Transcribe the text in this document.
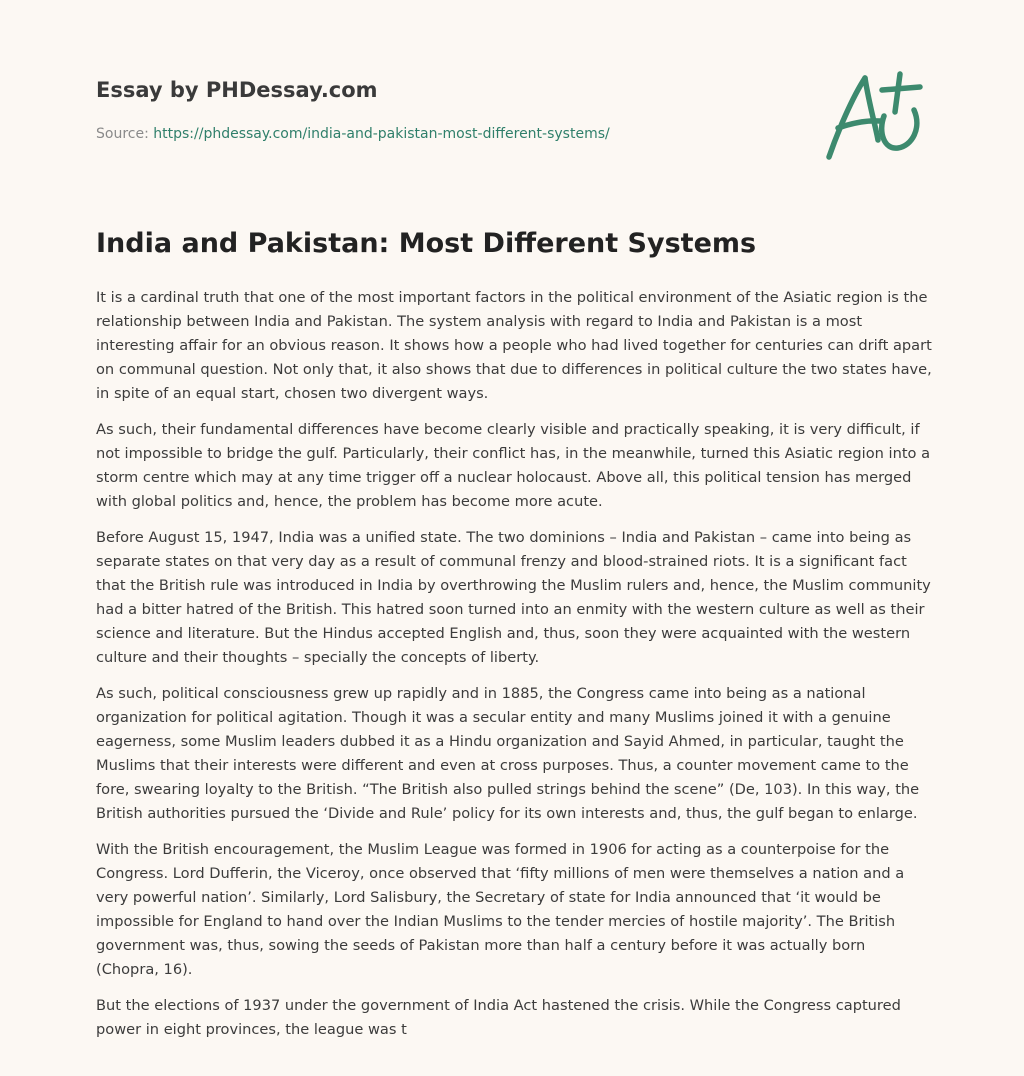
Essay by PHDessay.com
Source: https://phdessay.com/india-and-pakistan-most-different-systems/
India and Pakistan: Most Different Systems

It is a cardinal truth that one of the most important factors in the political environment of the Asiatic region is the relationship between India and Pakistan. The system analysis with regard to India and Pakistan is a most interesting affair for an obvious reason. It shows how a people who had lived together for centuries can drift apart on communal question. Not only that, it also shows that due to differences in political culture the two states have, in spite of an equal start, chosen two divergent ways.

As such, their fundamental differences have become clearly visible and practically speaking, it is very difficult, if not impossible to bridge the gulf. Particularly, their conflict has, in the meanwhile, turned this Asiatic region into a storm centre which may at any time trigger off a nuclear holocaust. Above all, this political tension has merged with global politics and, hence, the problem has become more acute.

Before August 15, 1947, India was a unified state. The two dominions – India and Pakistan – came into being as separate states on that very day as a result of communal frenzy and blood-strained riots. It is a significant fact that the British rule was introduced in India by overthrowing the Muslim rulers and, hence, the Muslim community had a bitter hatred of the British. This hatred soon turned into an enmity with the western culture as well as their science and literature. But the Hindus accepted English and, thus, soon they were acquainted with the western culture and their thoughts – specially the concepts of liberty.

As such, political consciousness grew up rapidly and in 1885, the Congress came into being as a national organization for political agitation. Though it was a secular entity and many Muslims joined it with a genuine eagerness, some Muslim leaders dubbed it as a Hindu organization and Sayid Ahmed, in particular, taught the Muslims that their interests were different and even at cross purposes. Thus, a counter movement came to the fore, swearing loyalty to the British. “The British also pulled strings behind the scene” (De, 103). In this way, the British authorities pursued the ‘Divide and Rule’ policy for its own interests and, thus, the gulf began to enlarge.

With the British encouragement, the Muslim League was formed in 1906 for acting as a counterpoise for the Congress. Lord Dufferin, the Viceroy, once observed that ‘fifty millions of men were themselves a nation and a very powerful nation’. Similarly, Lord Salisbury, the Secretary of state for India announced that ‘it would be impossible for England to hand over the Indian Muslims to the tender mercies of hostile majority’. The British government was, thus, sowing the seeds of Pakistan more than half a century before it was actually born (Chopra, 16).

But the elections of 1937 under the government of India Act hastened the crisis. While the Congress captured power in eight provinces, the league was t
